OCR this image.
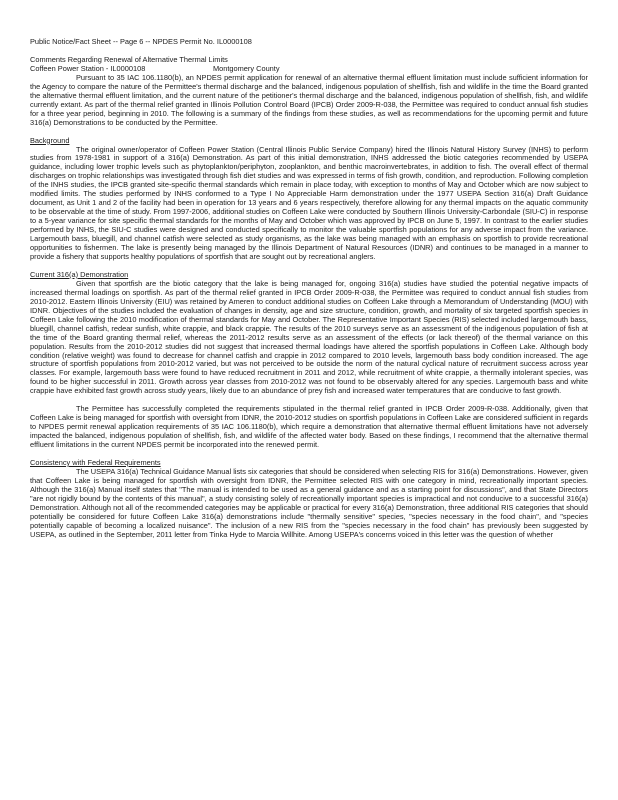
Public Notice/Fact Sheet -- Page 6 -- NPDES Permit No. IL0000108
Comments Regarding Renewal of Alternative Thermal Limits
Coffeen Power Station - IL0000108	Montgomery County

Pursuant to 35 IAC 106.1180(b), an NPDES permit application for renewal of an alternative thermal effluent limitation must include sufficient information for the Agency to compare the nature of the Permittee's thermal discharge and the balanced, indigenous population of shellfish, fish and wildlife in the time the Board granted the alternative thermal effluent limitation, and the current nature of the petitioner's thermal discharge and the balanced, indigenous population of shellfish, fish, and wildlife currently extant. As part of the thermal relief granted in Illinois Pollution Control Board (IPCB) Order 2009-R-038, the Permittee was required to conduct annual fish studies for a three year period, beginning in 2010. The following is a summary of the findings from these studies, as well as recommendations for the upcoming permit and future 316(a) Demonstrations to be conducted by the Permittee.

Background

The original owner/operator of Coffeen Power Station (Central Illinois Public Service Company) hired the Illinois Natural History Survey (INHS) to perform studies from 1978-1981 in support of a 316(a) Demonstration. As part of this initial demonstration, INHS addressed the biotic categories recommended by USEPA guidance, including lower trophic levels such as phytoplankton/periphyton, zooplankton, and benthic macroinvertebrates, in addition to fish. The overall effect of thermal discharges on trophic relationships was investigated through fish diet studies and was expressed in terms of fish growth, condition, and reproduction. Following completion of the INHS studies, the IPCB granted site-specific thermal standards which remain in place today, with exception to months of May and October which are now subject to modified limits. The studies performed by INHS conformed to a Type I No Appreciable Harm demonstration under the 1977 USEPA Section 316(a) Draft Guidance document, as Unit 1 and 2 of the facility had been in operation for 13 years and 6 years respectively, therefore allowing for any thermal impacts on the aquatic community to be observable at the time of study. From 1997-2006, additional studies on Coffeen Lake were conducted by Southern Illinois University-Carbondale (SIU-C) in response to a 5-year variance for site specific thermal standards for the months of May and October which was approved by IPCB on June 5, 1997. In contrast to the earlier studies performed by INHS, the SIU-C studies were designed and conducted specifically to monitor the valuable sportfish populations for any adverse impact from the variance. Largemouth bass, bluegill, and channel catfish were selected as study organisms, as the lake was being managed with an emphasis on sportfish to provide recreational opportunities to fishermen. The lake is presently being managed by the Illinois Department of Natural Resources (IDNR) and continues to be managed in a manner to provide a fishery that supports healthy populations of sportfish that are sought out by recreational anglers.

Current 316(a) Demonstration

Given that sportfish are the biotic category that the lake is being managed for, ongoing 316(a) studies have studied the potential negative impacts of increased thermal loadings on sportfish. As part of the thermal relief granted in IPCB Order 2009-R-038, the Permittee was required to conduct annual fish studies from 2010-2012. Eastern Illinois University (EIU) was retained by Ameren to conduct additional studies on Coffeen Lake through a Memorandum of Understanding (MOU) with IDNR. Objectives of the studies included the evaluation of changes in density, age and size structure, condition, growth, and mortality of six targeted sportfish species in Coffeen Lake following the 2010 modification of thermal standards for May and October. The Representative Important Species (RIS) selected included largemouth bass, bluegill, channel catfish, redear sunfish, white crappie, and black crappie. The results of the 2010 surveys serve as an assessment of the indigenous population of fish at the time of the Board granting thermal relief, whereas the 2011-2012 results serve as an assessment of the effects (or lack thereof) of the thermal variance on this population. Results from the 2010-2012 studies did not suggest that increased thermal loadings have altered the sportfish populations in Coffeen Lake. Although body condition (relative weight) was found to decrease for channel catfish and crappie in 2012 compared to 2010 levels, largemouth bass body condition increased. The age structure of sportfish populations from 2010-2012 varied, but was not perceived to be outside the norm of the natural cyclical nature of recruitment success across year classes. For example, largemouth bass were found to have reduced recruitment in 2011 and 2012, while recruitment of white crappie, a thermally intolerant species, was found to be higher successful in 2011. Growth across year classes from 2010-2012 was not found to be observably altered for any species. Largemouth bass and white crappie have exhibited fast growth across study years, likely due to an abundance of prey fish and increased water temperatures that are conducive to fast growth.

The Permittee has successfully completed the requirements stipulated in the thermal relief granted in IPCB Order 2009-R-038. Additionally, given that Coffeen Lake is being managed for sportfish with oversight from IDNR, the 2010-2012 studies on sportfish populations in Coffeen Lake are considered sufficient in regards to NPDES permit renewal application requirements of 35 IAC 106.1180(b), which require a demonstration that alternative thermal effluent limitations have not adversely impacted the balanced, indigenous population of shellfish, fish, and wildlife of the affected water body. Based on these findings, I recommend that the alternative thermal effluent limitations in the current NPDES permit be incorporated into the renewed permit.

Consistency with Federal Requirements

The USEPA 316(a) Technical Guidance Manual lists six categories that should be considered when selecting RIS for 316(a) Demonstrations. However, given that Coffeen Lake is being managed for sportfish with oversight from IDNR, the Permittee selected RIS with one category in mind, recreationally important species. Although the 316(a) Manual itself states that "The manual is intended to be used as a general guidance and as a starting point for discussions", and that State Directors "are not rigidly bound by the contents of this manual", a study consisting solely of recreationally important species is impractical and not conducive to a successful 316(a) Demonstration. Although not all of the recommended categories may be applicable or practical for every 316(a) Demonstration, three additional RIS categories that should potentially be considered for future Coffeen Lake 316(a) demonstrations include "thermally sensitive" species, "species necessary in the food chain", and "species potentially capable of becoming a localized nuisance". The inclusion of a new RIS from the "species necessary in the food chain" has previously been suggested by USEPA, as outlined in the September, 2011 letter from Tinka Hyde to Marcia Willhite. Among USEPA's concerns voiced in this letter was the question of whether
